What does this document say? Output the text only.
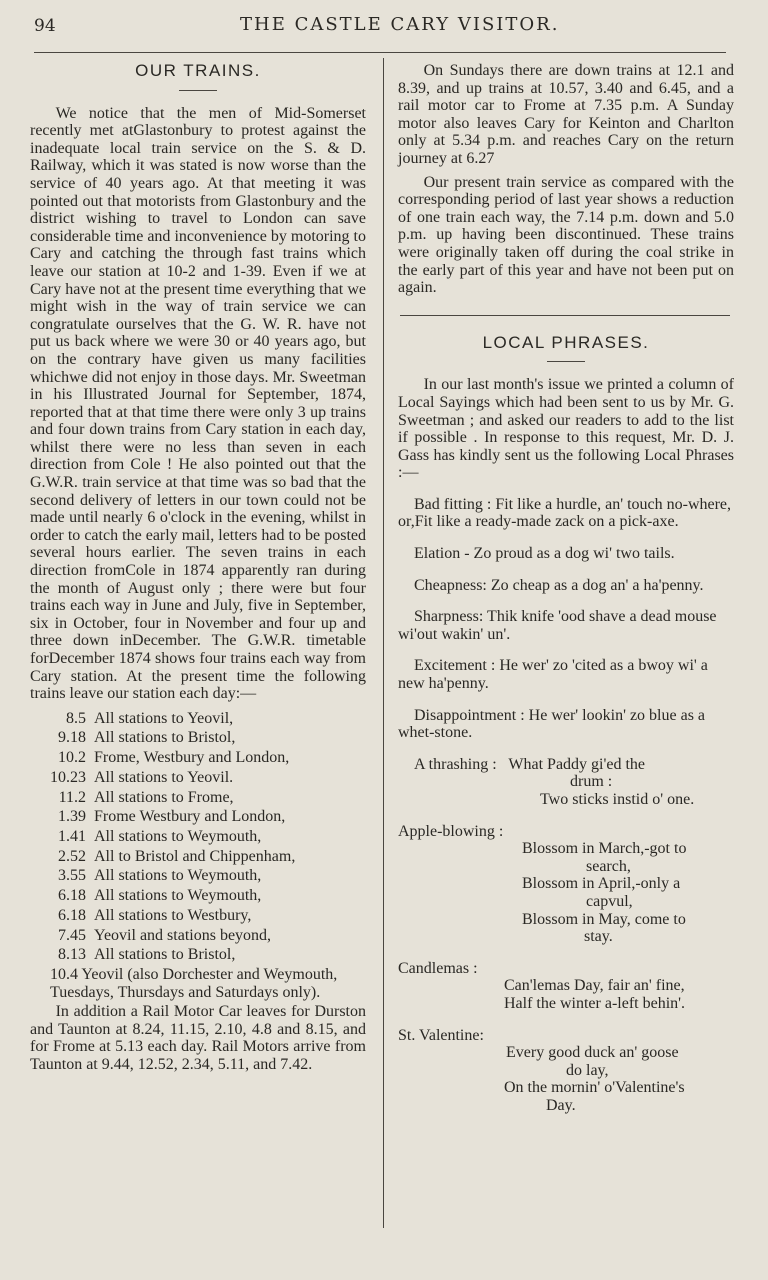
94	THE CASTLE CARY VISITOR.
OUR TRAINS.

We notice that the men of Mid-Somerset recently met atGlastonbury to protest against the inadequate local train service on the S. & D. Railway, which it was stated is now worse than the service of 40 years ago. At that meeting it was pointed out that motorists from Glastonbury and the district wishing to travel to London can save considerable time and inconvenience by motoring to Cary and catching the through fast trains which leave our station at 10-2 and 1-39. Even if we at Cary have not at the present time everything that we might wish in the way of train service we can congratulate ourselves that the G. W. R. have not put us back where we were 30 or 40 years ago, but on the contrary have given us many facilities whichwe did not enjoy in those days. Mr. Sweetman in his Illustrated Journal for September, 1874, reported that at that time there were only 3 up trains and four down trains from Cary station in each day, whilst there were no less than seven in each direction from Cole ! He also pointed out that the G.W.R. train service at that time was so bad that the second delivery of letters in our town could not be made until nearly 6 o'clock in the evening, whilst in order to catch the early mail, letters had to be posted several hours earlier. The seven trains in each direction fromCole in 1874 apparently ran during the month of August only ; there were but four trains each way in June and July, five in September, six in October, four in November and four up and three down inDecember. The G.W.R. timetable forDecember 1874 shows four trains each way from Cary station. At the present time the following trains leave our station each day:—

8.5 All stations to Yeovil,
9.18 All stations to Bristol,
10.2 Frome, Westbury and London,
10.23 All stations to Yeovil.
11.2 All stations to Frome,
1.39 Frome Westbury and London,
1.41 All stations to Weymouth,
2.52 All to Bristol and Chippenham,
3.55 All stations to Weymouth,
6.18 All stations to Weymouth,
6.18 All stations to Westbury,
7.45 Yeovil and stations beyond,
8.13 All stations to Bristol,
10.4 Yeovil (also Dorchester and Weymouth, Tuesdays, Thursdays and Saturdays only).

In addition a Rail Motor Car leaves for Durston and Taunton at 8.24, 11.15, 2.10, 4.8 and 8.15, and for Frome at 5.13 each day. Rail Motors arrive from Taunton at 9.44, 12.52, 2.34, 5.11, and 7.42.

On Sundays there are down trains at 12.1 and 8.39, and up trains at 10.57, 3.40 and 6.45, and a rail motor car to Frome at 7.35 p.m. A Sunday motor also leaves Cary for Keinton and Charlton only at 5.34 p.m. and reaches Cary on the return journey at 6.27

Our present train service as compared with the corresponding period of last year shows a reduction of one train each way, the 7.14 p.m. down and 5.0 p.m. up having been discontinued. These trains were originally taken off during the coal strike in the early part of this year and have not been put on again.

LOCAL PHRASES.

In our last month's issue we printed a column of Local Sayings which had been sent to us by Mr. G. Sweetman ; and asked our readers to add to the list if possible . In response to this request, Mr. D. J. Gass has kindly sent us the following Local Phrases :—

Bad fitting : Fit like a hurdle, an' touch no-where, or,Fit like a ready-made zack on a pick-axe.
Elation - Zo proud as a dog wi' two tails.
Cheapness: Zo cheap as a dog an' a ha'penny.
Sharpness: Thik knife 'ood shave a dead mouse wi'out wakin' un'.
Excitement : He wer' zo 'cited as a bwoy wi' a new ha'penny.
Disappointment : He wer' lookin' zo blue as a whet-stone.
A thrashing : What Paddy gi'ed the
drum :
Two sticks instid o' one.
Apple-blowing :
Blossom in March,-got to
search,
Blossom in April,-only a
capvul,
Blossom in May, come to
stay.
Candlemas :
Can'lemas Day, fair an' fine,
Half the winter a-left behin'.
St. Valentine:
Every good duck an' goose
do lay,
On the mornin' o'Valentine's
Day.
